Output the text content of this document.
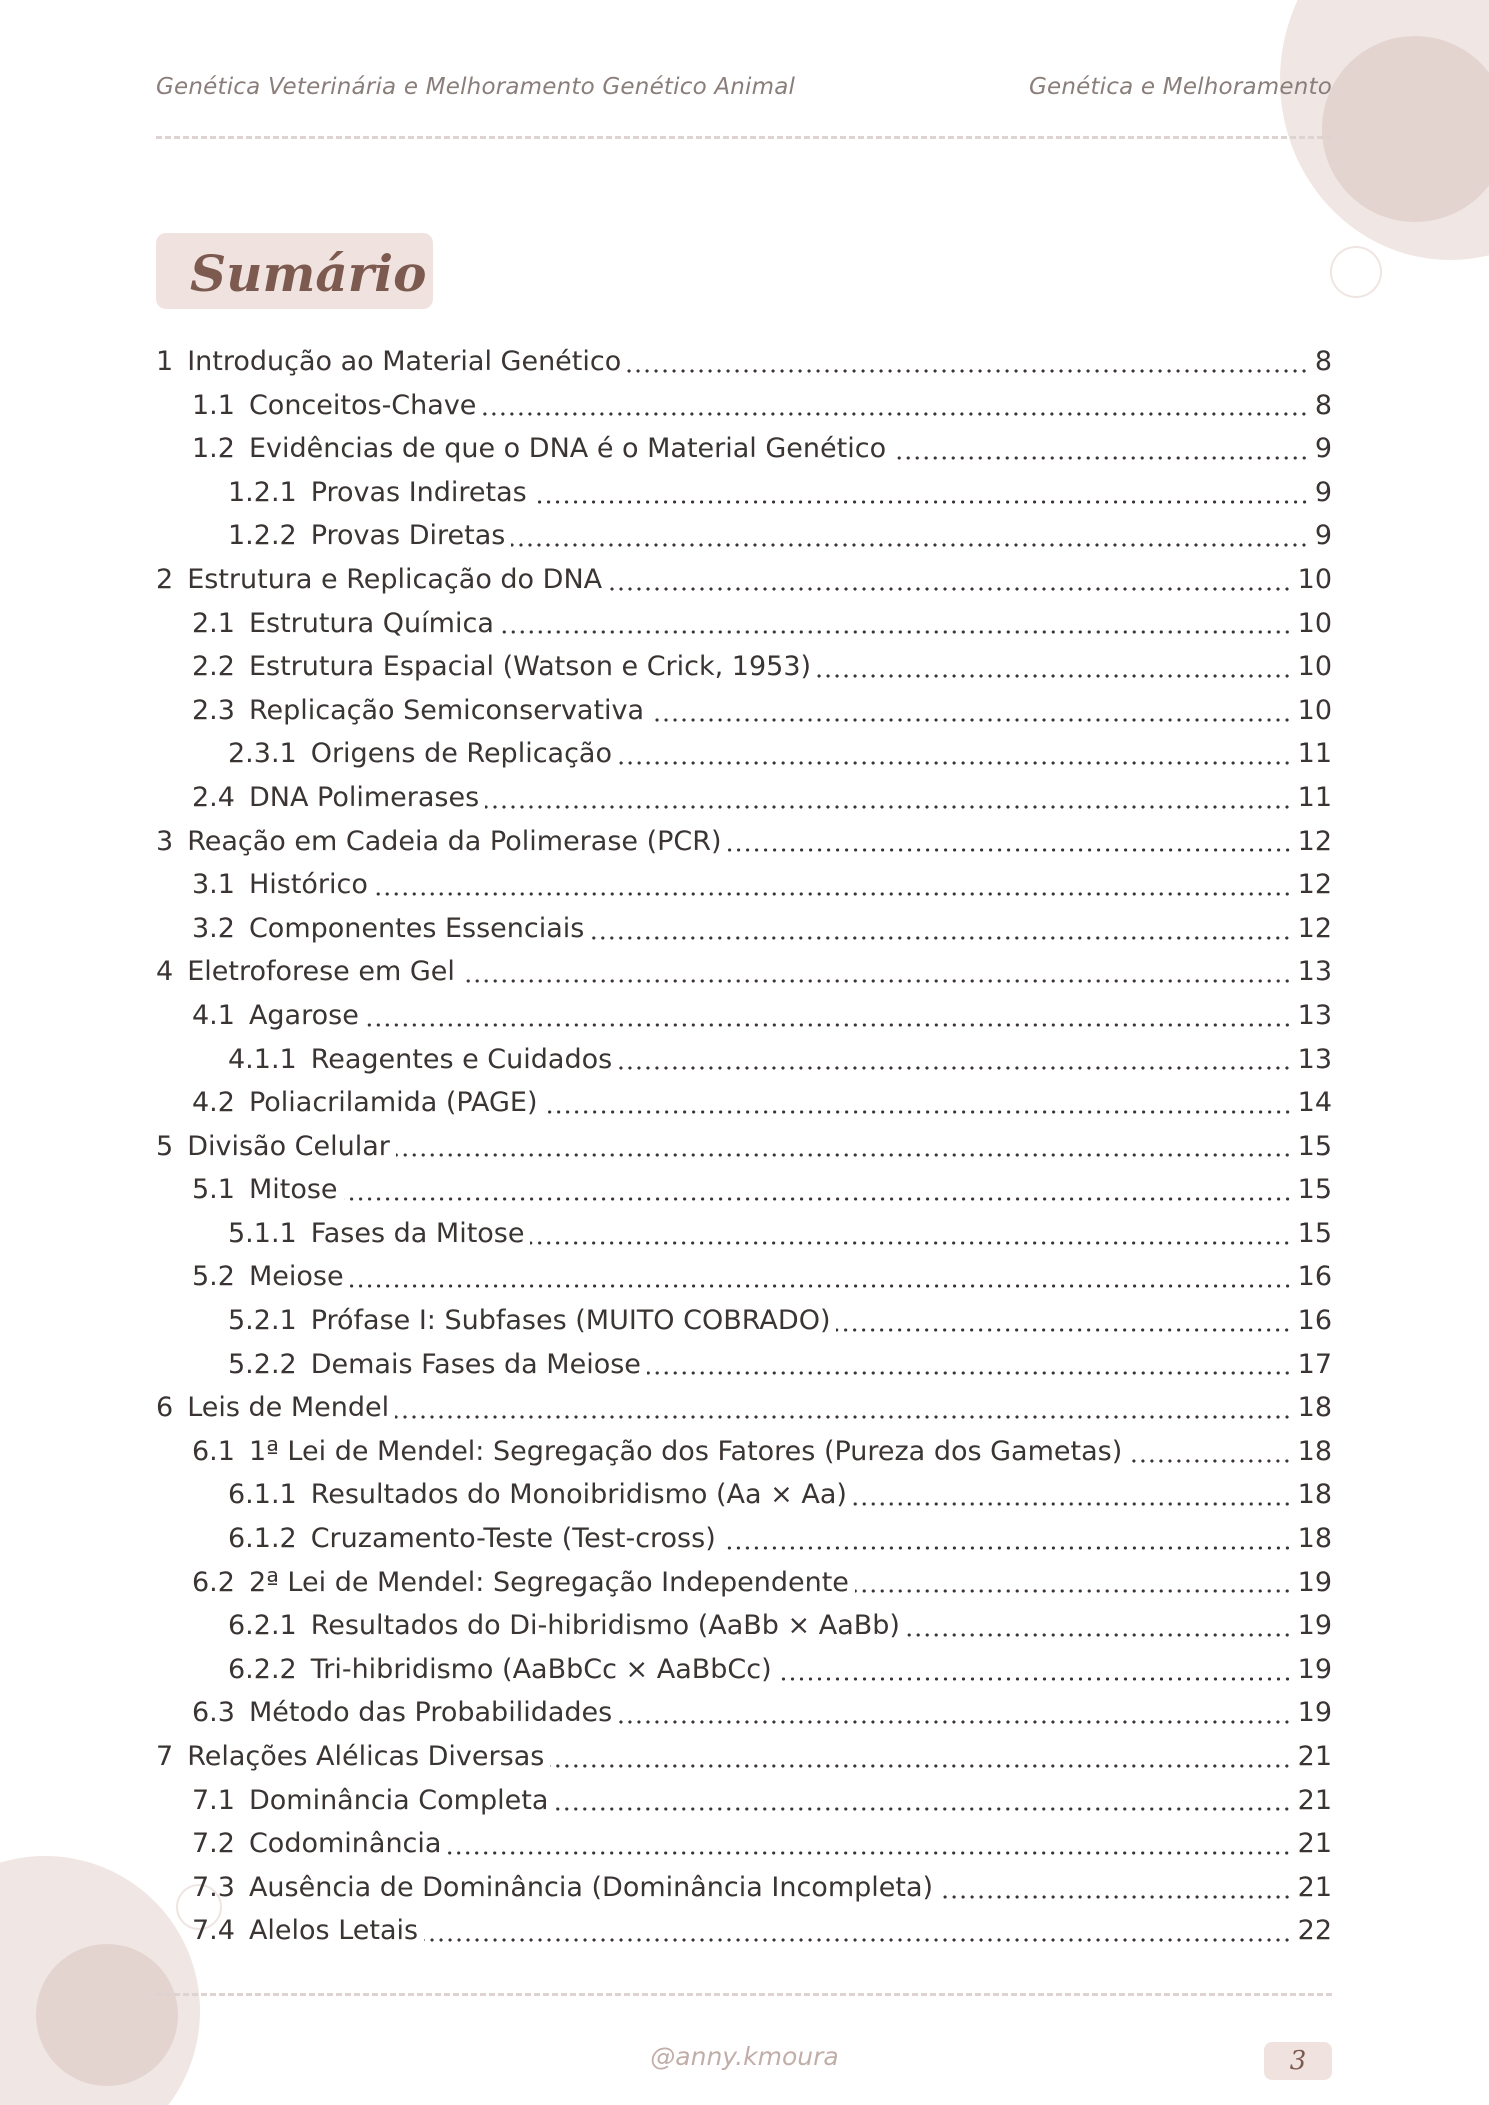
Genética Veterinária e Melhoramento Genético Animal	Genética e Melhoramento
Sumário
1 Introdução ao Material Genético	8
1.1 Conceitos-Chave	8
1.2 Evidências de que o DNA é o Material Genético	9
1.2.1 Provas Indiretas	9
1.2.2 Provas Diretas	9
2 Estrutura e Replicação do DNA	10
2.1 Estrutura Química	10
2.2 Estrutura Espacial (Watson e Crick, 1953)	10
2.3 Replicação Semiconservativa	10
2.3.1 Origens de Replicação	11
2.4 DNA Polimerases	11
3 Reação em Cadeia da Polimerase (PCR)	12
3.1 Histórico	12
3.2 Componentes Essenciais	12
4 Eletroforese em Gel	13
4.1 Agarose	13
4.1.1 Reagentes e Cuidados	13
4.2 Poliacrilamida (PAGE)	14
5 Divisão Celular	15
5.1 Mitose	15
5.1.1 Fases da Mitose	15
5.2 Meiose	16
5.2.1 Prófase I: Subfases (MUITO COBRADO)	16
5.2.2 Demais Fases da Meiose	17
6 Leis de Mendel	18
6.1 1ª Lei de Mendel: Segregação dos Fatores (Pureza dos Gametas)	18
6.1.1 Resultados do Monoibridismo (Aa × Aa)	18
6.1.2 Cruzamento-Teste (Test-cross)	18
6.2 2ª Lei de Mendel: Segregação Independente	19
6.2.1 Resultados do Di-hibridismo (AaBb × AaBb)	19
6.2.2 Tri-hibridismo (AaBbCc × AaBbCc)	19
6.3 Método das Probabilidades	19
7 Relações Alélicas Diversas	21
7.1 Dominância Completa	21
7.2 Codominância	21
7.3 Ausência de Dominância (Dominância Incompleta)	21
7.4 Alelos Letais	22
@anny.kmoura	3
